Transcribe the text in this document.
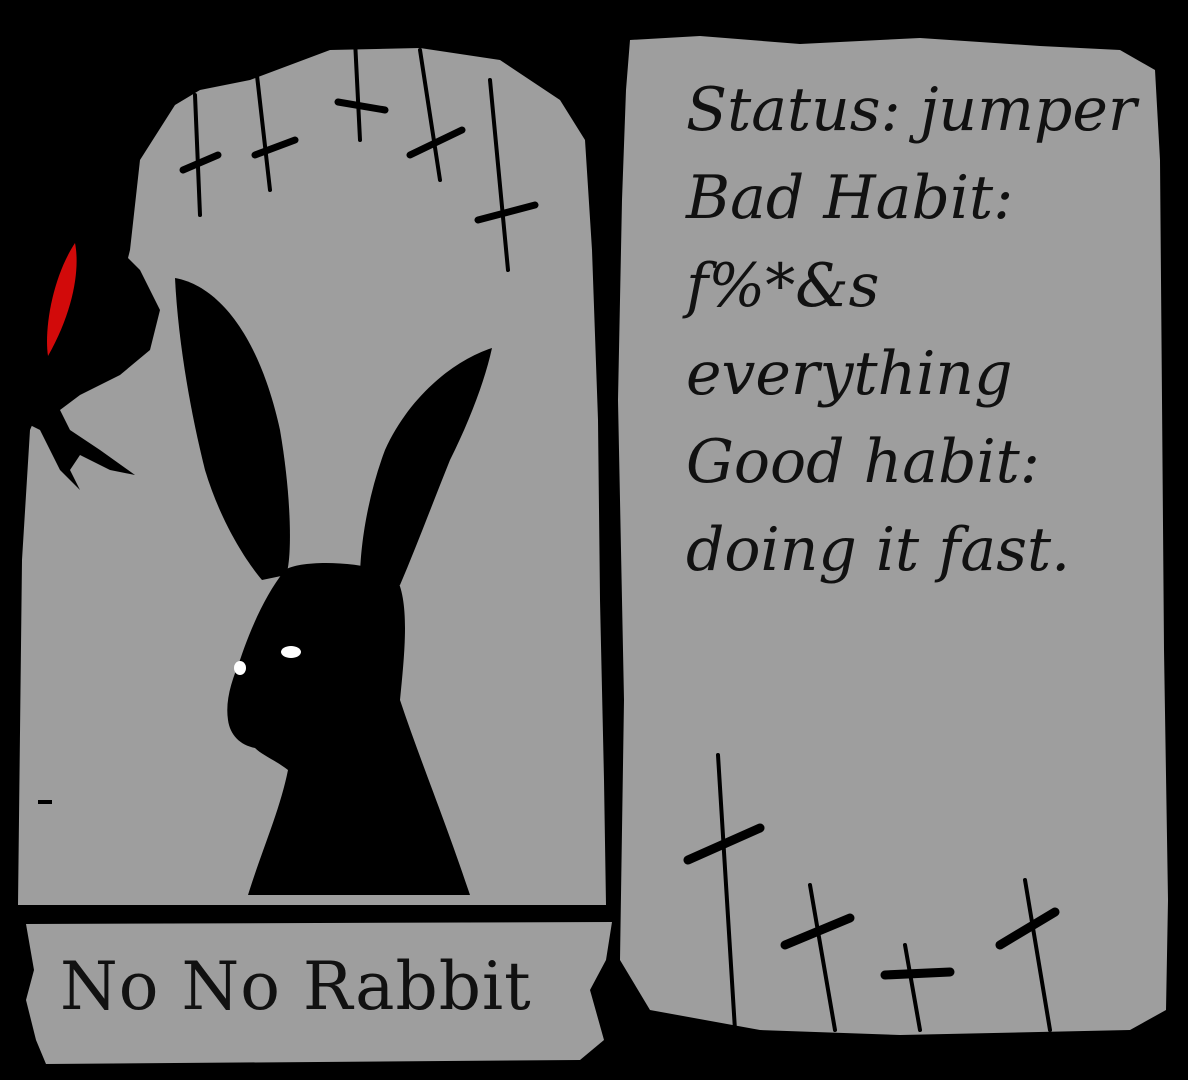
No No Rabbit
Status: jumper
Bad Habit:
f%*&s
everything
Good habit:
doing it fast.
